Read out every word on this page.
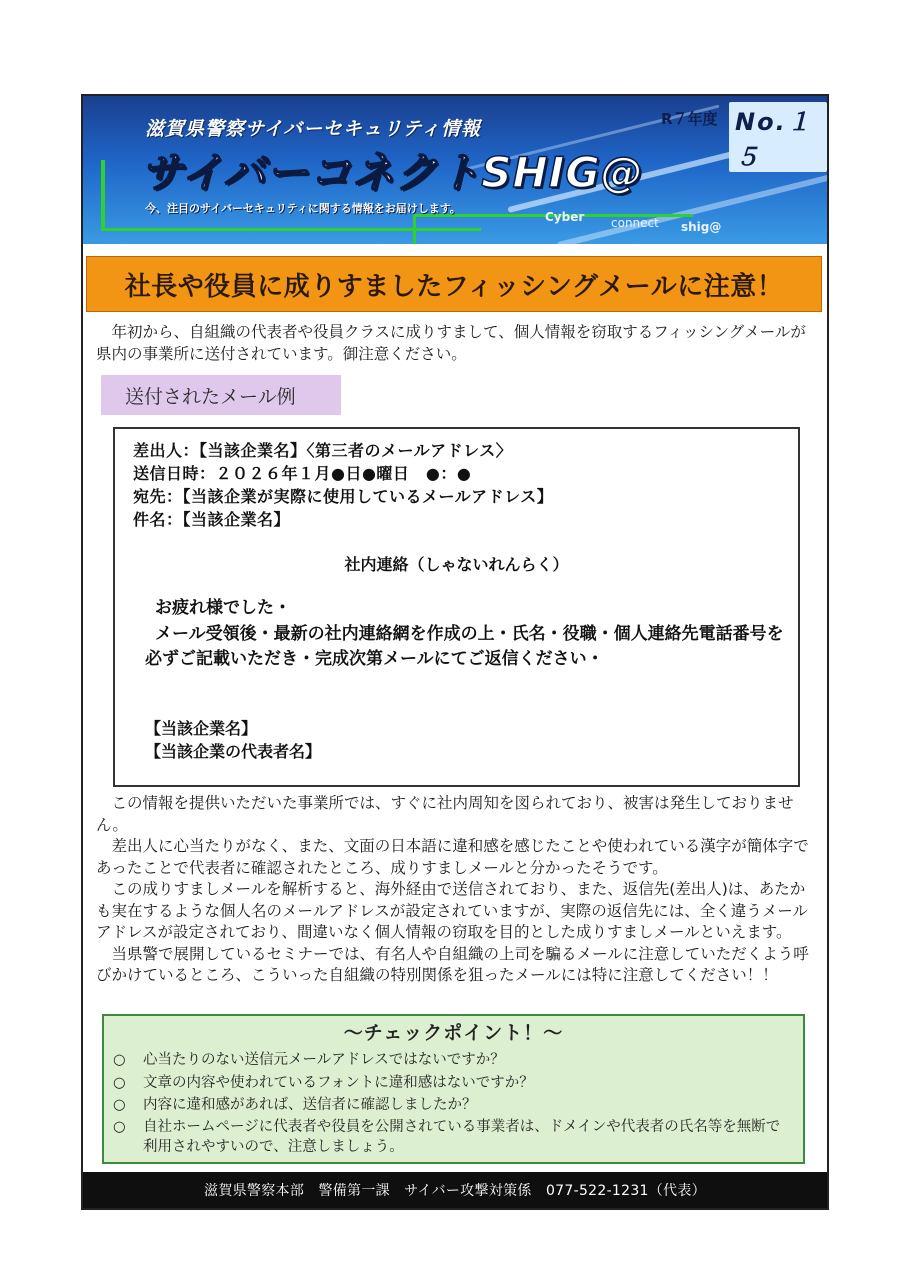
滋賀県警察サイバーセキュリティ情報	R７年度 No.１５
サイバーコネクトSHIG@
今、注目のサイバーセキュリティに関する情報をお届けします。
Cyber connect shig@
社長や役員に成りすましたフィッシングメールに注意！

年初から、自組織の代表者や役員クラスに成りすまして、個人情報を窃取するフィッシングメールが県内の事業所に送付されています。御注意ください。

送付されたメール例
差出人：【当該企業名】〈第三者のメールアドレス〉
送信日時：２０２６年１月●日●曜日　●：●
宛先：【当該企業が実際に使用しているメールアドレス】
件名：【当該企業名】
社内連絡（しゃないれんらく）
お疲れ様でした・
メール受領後・最新の社内連絡網を作成の上・氏名・役職・個人連絡先電話番号を必ずご記載いただき・完成次第メールにてご返信ください・
【当該企業名】
【当該企業の代表者名】

この情報を提供いただいた事業所では、すぐに社内周知を図られており、被害は発生しておりません。

差出人に心当たりがなく、また、文面の日本語に違和感を感じたことや使われている漢字が簡体字であったことで代表者に確認されたところ、成りすましメールと分かったそうです。

この成りすましメールを解析すると、海外経由で送信されており、また、返信先(差出人)は、あたかも実在するような個人名のメールアドレスが設定されていますが、実際の返信先には、全く違うメールアドレスが設定されており、間違いなく個人情報の窃取を目的とした成りすましメールといえます。

当県警で展開しているセミナーでは、有名人や自組織の上司を騙るメールに注意していただくよう呼びかけているところ、こういった自組織の特別関係を狙ったメールには特に注意してください！！

～チェックポイント！～
○ 心当たりのない送信元メールアドレスではないですか？
○ 文章の内容や使われているフォントに違和感はないですか？
○ 内容に違和感があれば、送信者に確認しましたか？
○ 自社ホームページに代表者や役員を公開されている事業者は、ドメインや代表者の氏名等を無断で利用されやすいので、注意しましょう。
滋賀県警察本部　警備第一課　サイバー攻撃対策係　077-522-1231（代表）
